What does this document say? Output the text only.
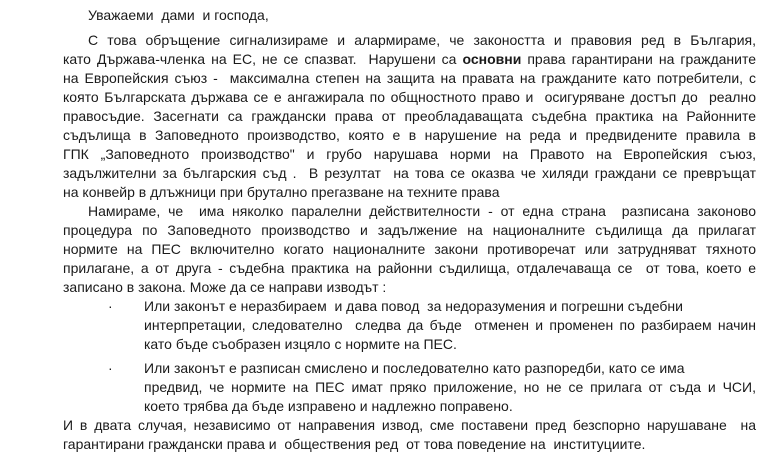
Уважаеми  дами  и господа,
С това обръщение сигнализираме и алармираме, че закоността и правовия ред в България,
като Държава-членка на ЕС, не се спазват.  Нарушени са основни права гарантирани на гражданите
на Европейския съюз -  максимална степен на защита на правата на гражданите като потребители, с
която Българската държава се е ангажирала по общностното право и  осигуряване достъп до  реално
правосъдие. Засегнати са граждански права от преобладаващата съдебна практика на Районните
съдълища в Заповедното производство, която е в нарушение на реда и предвидените правила в
ГПК „Заповедното производство" и грубо нарушава норми на Правото на Европейския съюз,
задължителни за българския съд .  В резултат  на това се оказва че хиляди граждани се превръщат
на конвейр в длъжници при брутално прегазване на техните права
Намираме, че  има няколко паралелни действителности - от една страна  разписана законово
процедура по Заповедното производство и задължение на националните съдилища да прилагат
нормите на ПЕС включително когато националните закони противоречат или затрудняват тяхното
прилагане, а от друга - съдебна практика на районни съдилища, отдалечаваща се  от това, което е
записано в закона. Може да се направи изводът :
· Или законът е неразбираем  и дава повод  за недоразумения и погрешни съдебни
интерпретации, следователно  следва да бъде  отменен и променен по разбираем начин
като бъде съобразен изцяло с нормите на ПЕС.
· Или законът е разписан смислено и последователно като разпоредби, като се има
предвид, че нормите на ПЕС имат пряко приложение, но не се прилага от съда и ЧСИ,
което трябва да бъде изправено и надлежно поправено.
И в двата случая, независимо от направения извод, сме поставени пред безспорно нарушаване  на
гарантирани граждански права и  обществения ред  от това поведение на  институциите.
